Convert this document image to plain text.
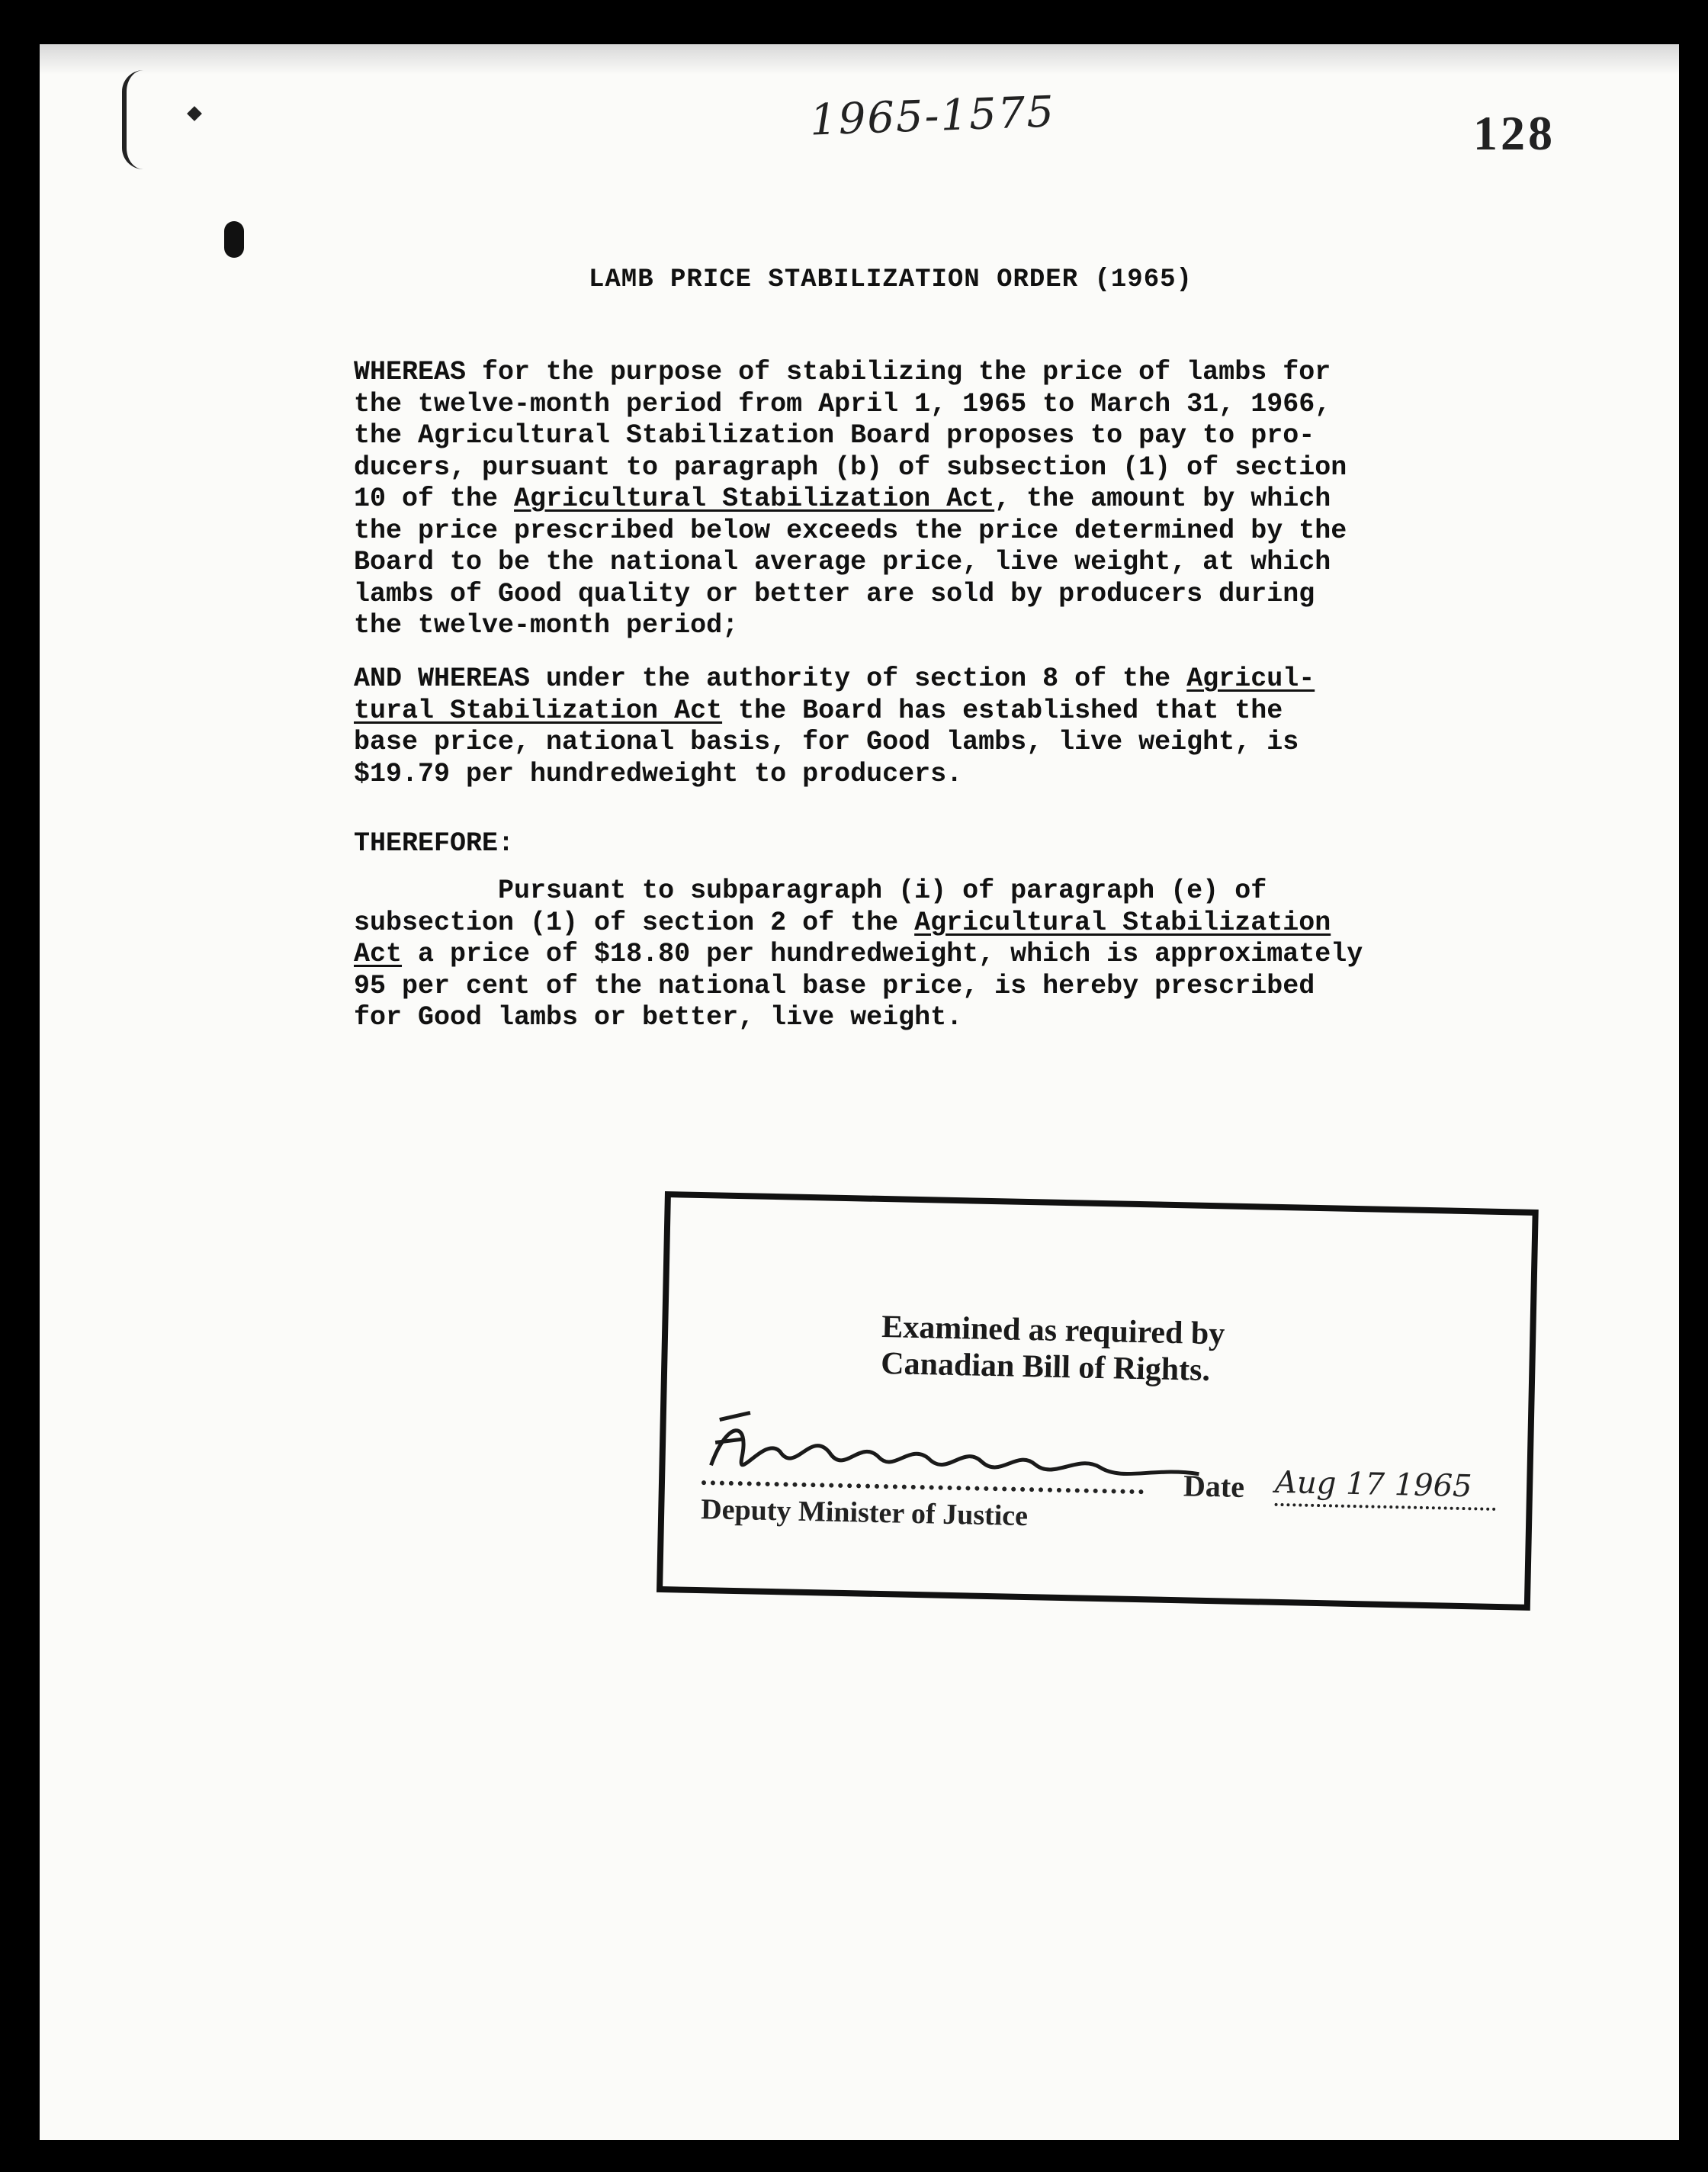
1965-1575	128
LAMB PRICE STABILIZATION ORDER (1965)
WHEREAS for the purpose of stabilizing the price of lambs for
the twelve-month period from April 1, 1965 to March 31, 1966,
the Agricultural Stabilization Board proposes to pay to pro-
ducers, pursuant to paragraph (b) of subsection (1) of section
10 of the Agricultural Stabilization Act, the amount by which
the price prescribed below exceeds the price determined by the
Board to be the national average price, live weight, at which
lambs of Good quality or better are sold by producers during
the twelve-month period;
AND WHEREAS under the authority of section 8 of the Agricul-
tural Stabilization Act the Board has established that the
base price, national basis, for Good lambs, live weight, is
$19.79 per hundredweight to producers.
THEREFORE:
Pursuant to subparagraph (i) of paragraph (e) of
subsection (1) of section 2 of the Agricultural Stabilization
Act a price of $18.80 per hundredweight, which is approximately
95 per cent of the national base price, is hereby prescribed
for Good lambs or better, live weight.
Examined as required by
Canadian Bill of Rights.
Deputy Minister of Justice
Date Aug 17 1965
